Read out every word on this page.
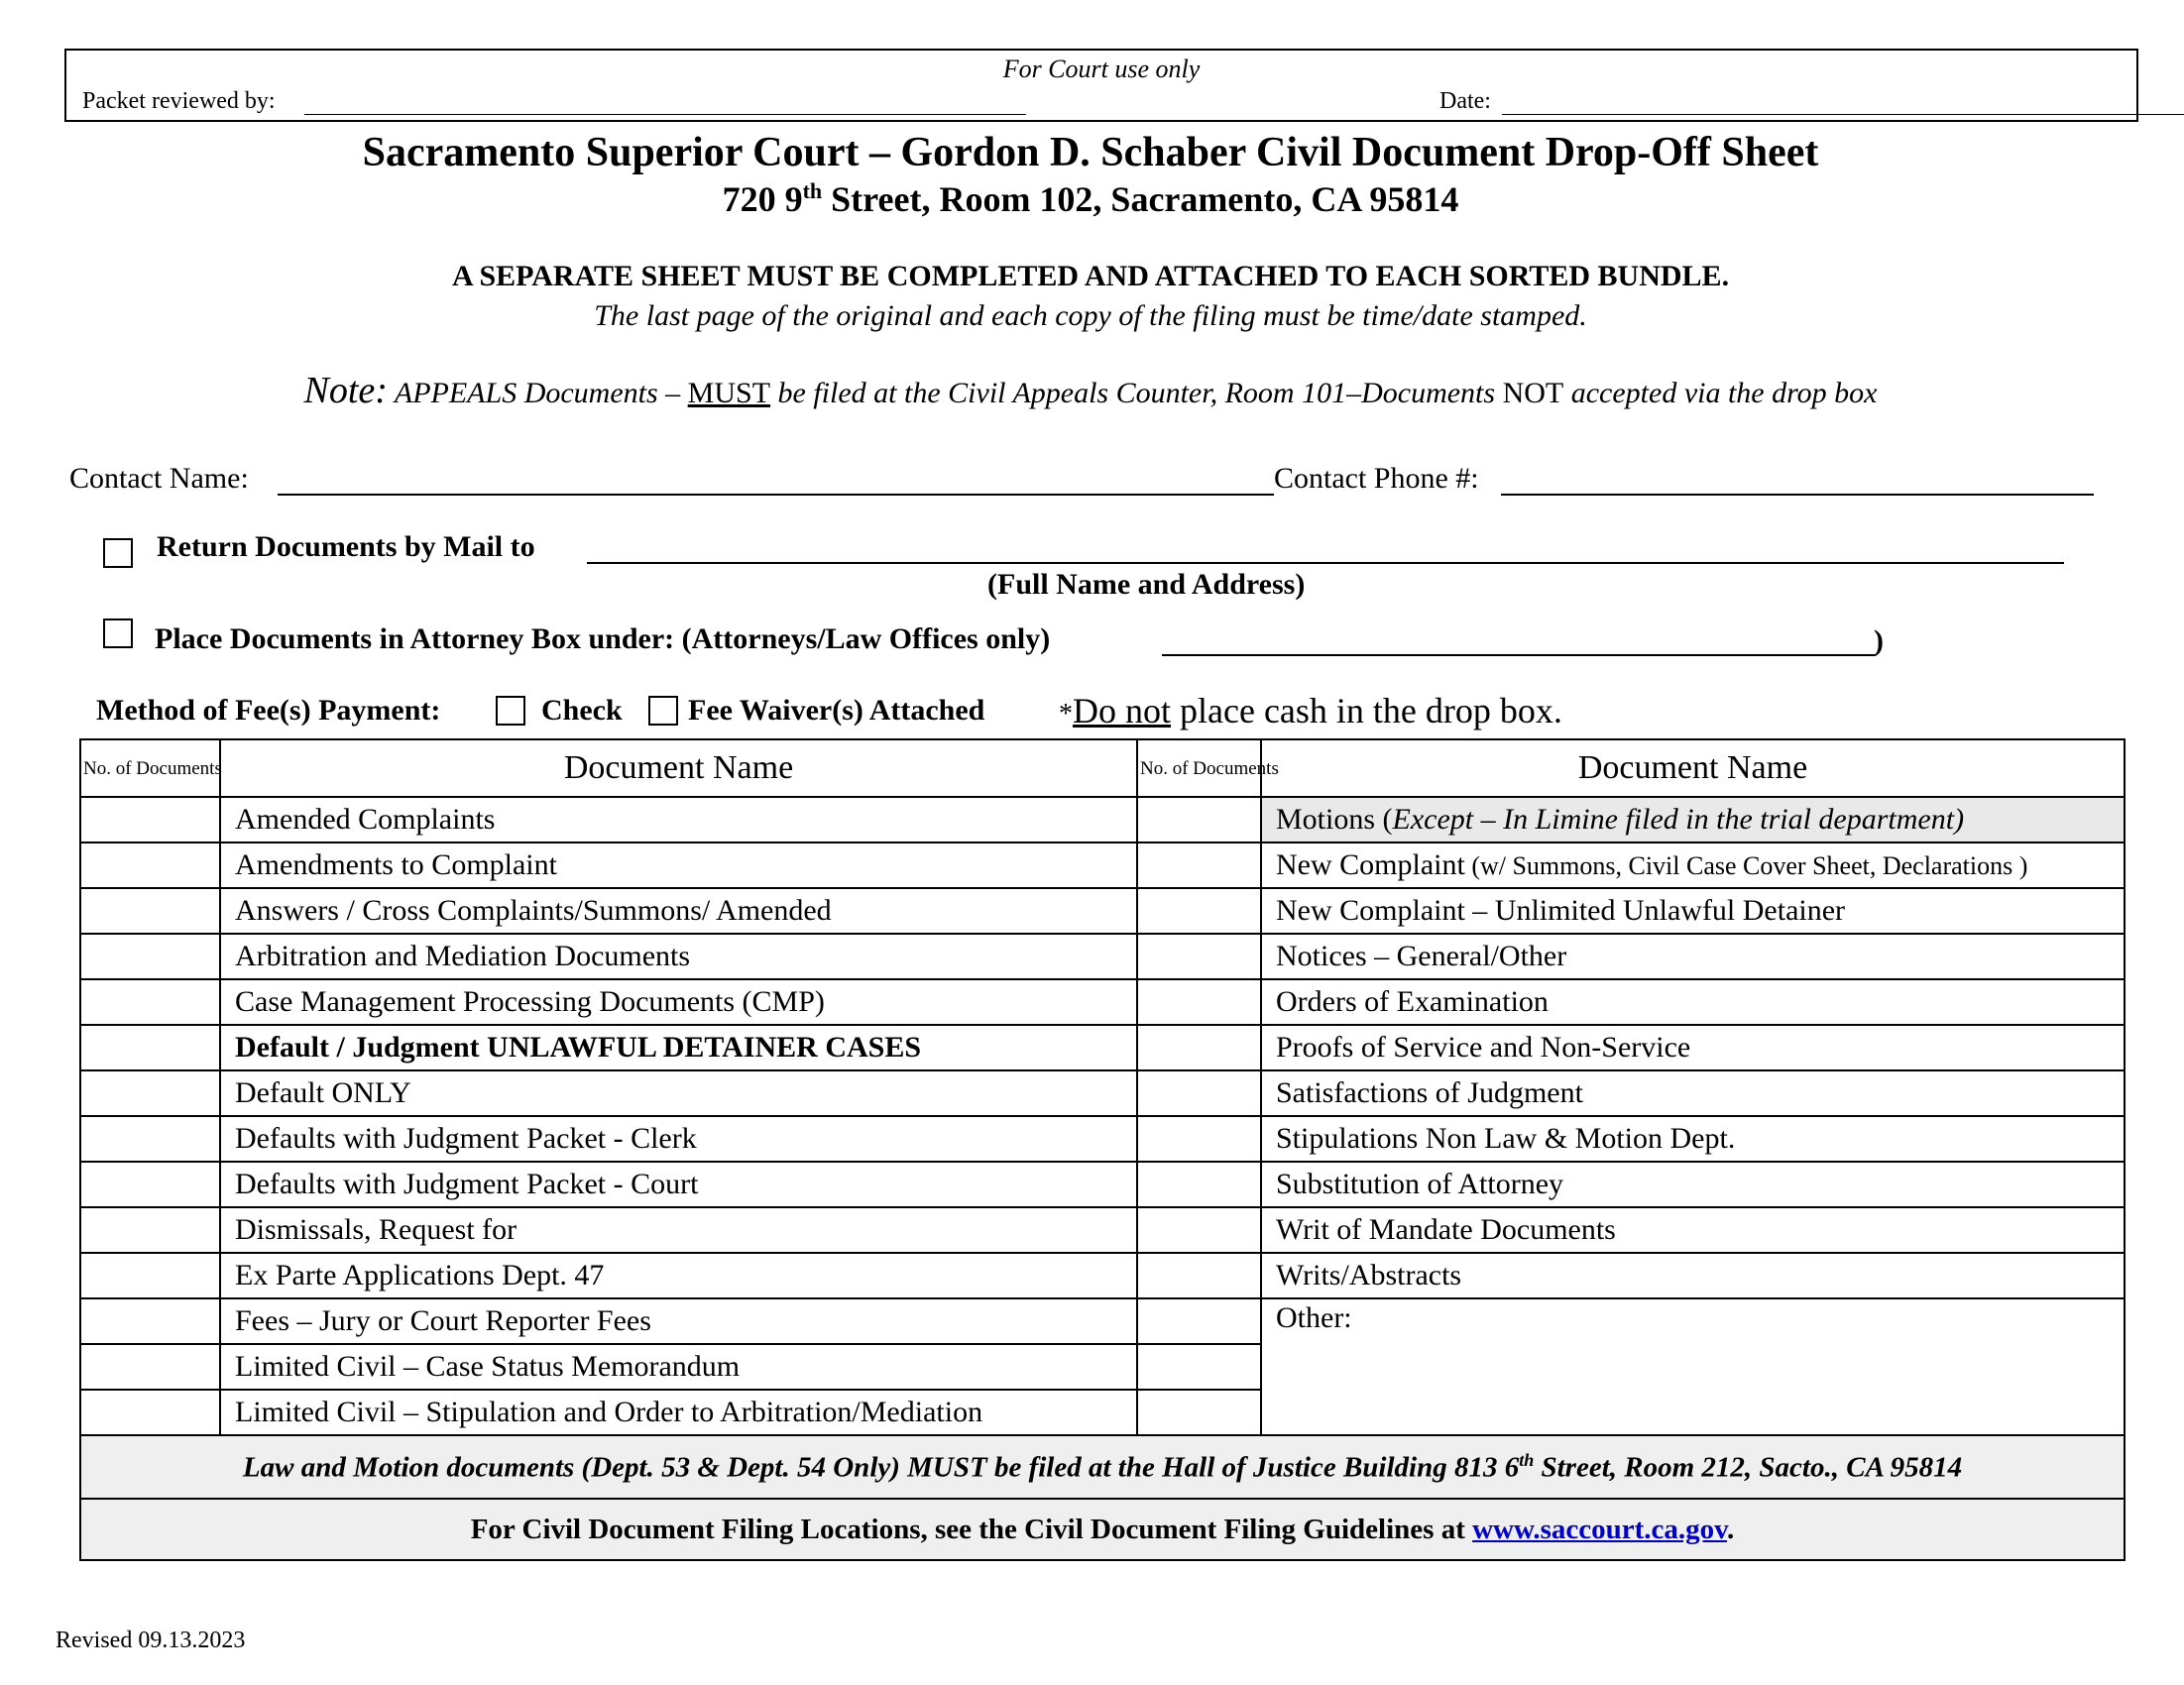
For Court use only
Packet reviewed by:	Date:
Sacramento Superior Court – Gordon D. Schaber Civil Document Drop-Off Sheet
720 9th Street, Room 102, Sacramento, CA 95814
A SEPARATE SHEET MUST BE COMPLETED AND ATTACHED TO EACH SORTED BUNDLE.
The last page of the original and each copy of the filing must be time/date stamped.
Note: APPEALS Documents – MUST be filed at the Civil Appeals Counter, Room 101–Documents NOT accepted via the drop box
Contact Name:	Contact Phone #:
Return Documents by Mail to
(Full Name and Address)
Place Documents in Attorney Box under: (Attorneys/Law Offices only)	)
Method of Fee(s) Payment:	Check Fee Waiver(s) Attached	*Do not place cash in the drop box.
No. of Documents	Document Name	No. of Documents	Document Name
	Amended Complaints		Motions (Except – In Limine filed in the trial department)
	Amendments to Complaint		New Complaint (w/ Summons, Civil Case Cover Sheet, Declarations )
	Answers / Cross Complaints/Summons/ Amended		New Complaint – Unlimited Unlawful Detainer
	Arbitration and Mediation Documents		Notices – General/Other
	Case Management Processing Documents (CMP)		Orders of Examination
	Default / Judgment UNLAWFUL DETAINER CASES		Proofs of Service and Non-Service
	Default ONLY		Satisfactions of Judgment
	Defaults with Judgment Packet - Clerk		Stipulations Non Law & Motion Dept.
	Defaults with Judgment Packet - Court		Substitution of Attorney
	Dismissals, Request for		Writ of Mandate Documents
	Ex Parte Applications Dept. 47		Writs/Abstracts
	Fees – Jury or Court Reporter Fees		Other:
	Limited Civil – Case Status Memorandum		
	Limited Civil – Stipulation and Order to Arbitration/Mediation		
Law and Motion documents (Dept. 53 & Dept. 54 Only) MUST be filed at the Hall of Justice Building 813 6th Street, Room 212, Sacto., CA 95814			
For Civil Document Filing Locations, see the Civil Document Filing Guidelines at www.saccourt.ca.gov.			
Revised 09.13.2023
